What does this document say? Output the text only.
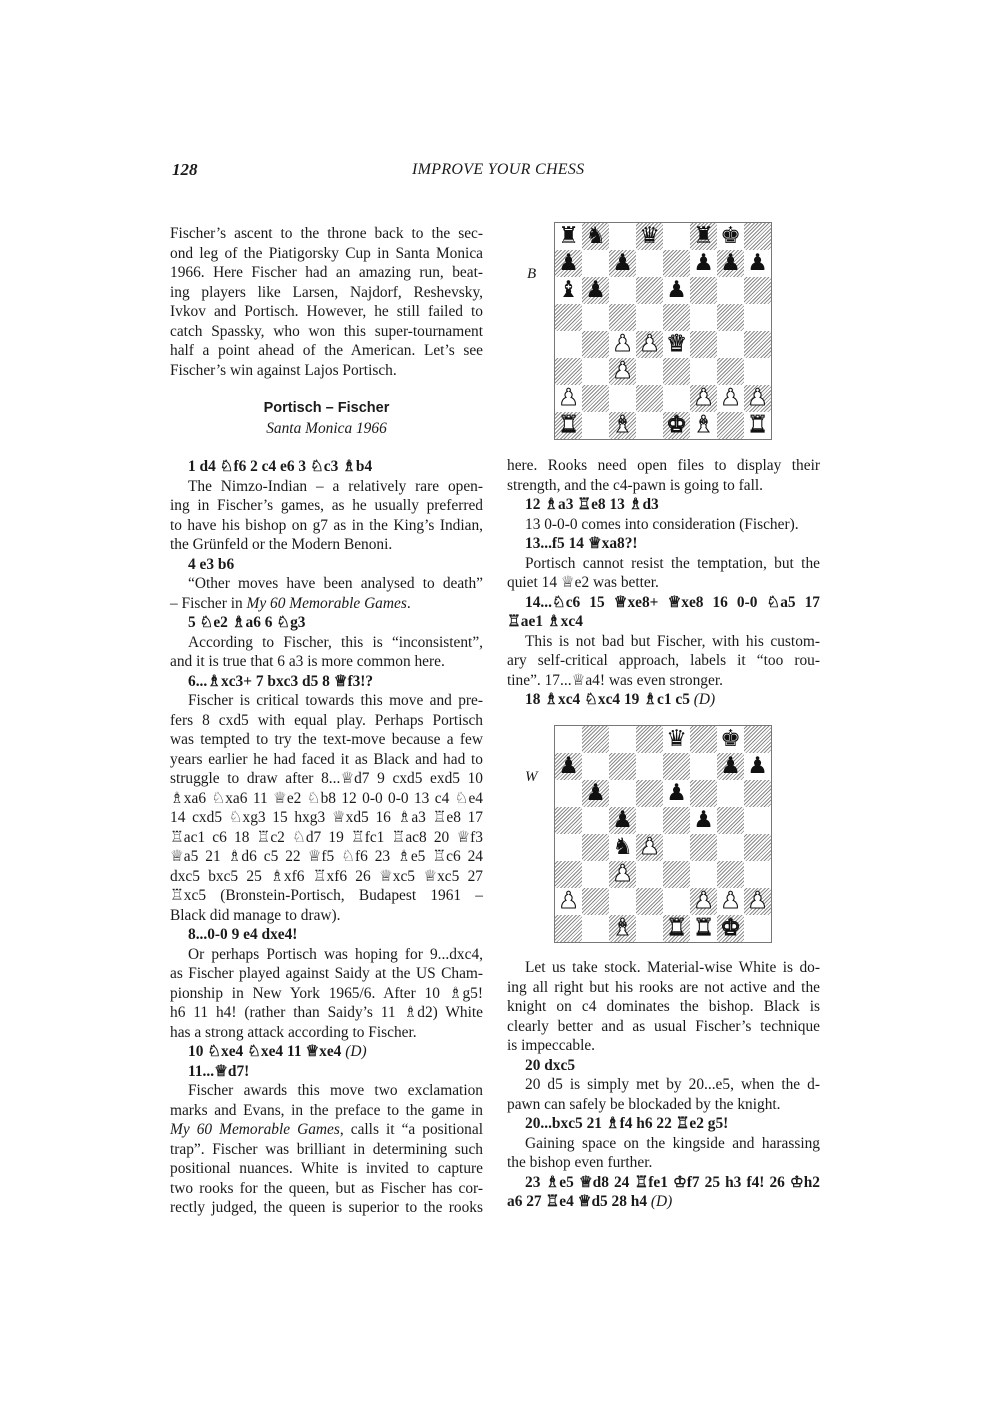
128	IMPROVE YOUR CHESS

Fischer’s ascent to the throne back to the sec-

ond leg of the Piatigorsky Cup in Santa Monica

1966. Here Fischer had an amazing run, beat-

ing players like Larsen, Najdorf, Reshevsky,

Ivkov and Portisch. However, he still failed to

catch Spassky, who won this super-tournament

half a point ahead of the American. Let’s see

Fischer’s win against Lajos Portisch.

Portisch – Fischer

Santa Monica 1966

1 d4 ♘f6 2 c4 e6 3 ♘c3 ♗b4

The Nimzo-Indian – a relatively rare open-

ing in Fischer’s games, as he usually preferred

to have his bishop on g7 as in the King’s Indian,

the Grünfeld or the Modern Benoni.

4 e3 b6

“Other moves have been analysed to death”

– Fischer in My 60 Memorable Games.

5 ♘e2 ♗a6 6 ♘g3

According to Fischer, this is “inconsistent”,

and it is true that 6 a3 is more common here.

6...♗xc3+ 7 bxc3 d5 8 ♕f3!?

Fischer is critical towards this move and pre-

fers 8 cxd5 with equal play. Perhaps Portisch

was tempted to try the text-move because a few

years earlier he had faced it as Black and had to

struggle to draw after 8...♕d7 9 cxd5 exd5 10

♗xa6 ♘xa6 11 ♕e2 ♘b8 12 0-0 0-0 13 c4 ♘e4

14 cxd5 ♘xg3 15 hxg3 ♕xd5 16 ♗a3 ♖e8 17

♖ac1 c6 18 ♖c2 ♘d7 19 ♖fc1 ♖ac8 20 ♕f3

♕a5 21 ♗d6 c5 22 ♕f5 ♘f6 23 ♗e5 ♖c6 24

dxc5 bxc5 25 ♗xf6 ♖xf6 26 ♕xc5 ♕xc5 27

♖xc5 (Bronstein-Portisch, Budapest 1961 –

Black did manage to draw).

8...0-0 9 e4 dxe4!

Or perhaps Portisch was hoping for 9...dxc4,

as Fischer played against Saidy at the US Cham-

pionship in New York 1965/6. After 10 ♗g5!

h6 11 h4! (rather than Saidy’s 11 ♗d2) White

has a strong attack according to Fischer.

10 ♘xe4 ♘xe4 11 ♕xe4 (D)

11...♕d7!

Fischer awards this move two exclamation

marks and Evans, in the preface to the game in

My 60 Memorable Games, calls it “a positional

trap”. Fischer was brilliant in determining such

positional nuances. White is invited to capture

two rooks for the queen, but as Fischer has cor-

rectly judged, the queen is superior to the rooks

B
♜ ♞ ♛ ♜ ♚
♟ ♟	♟ ♟ ♟
♝ ♟	♟
♟ ♟ ♛
♟
♟	♟ ♟ ♟
♜ ♝ ♚ ♝ ♜
W
♛ ♚
♟	♟ ♟
♟	♟
♟	♟
♞ ♟
♟
♟	♟ ♟ ♟
♝ ♜ ♜ ♚

here. Rooks need open files to display their

strength, and the c4-pawn is going to fall.

12 ♗a3 ♖e8 13 ♗d3

13 0-0-0 comes into consideration (Fischer).

13...f5 14 ♕xa8?!

Portisch cannot resist the temptation, but the

quiet 14 ♕e2 was better.

14...♘c6 15 ♕xe8+ ♕xe8 16 0-0 ♘a5 17

♖ae1 ♗xc4

This is not bad but Fischer, with his custom-

ary self-critical approach, labels it “too rou-

tine”. 17...♕a4! was even stronger.

18 ♗xc4 ♘xc4 19 ♗c1 c5 (D)

Let us take stock. Material-wise White is do-

ing all right but his rooks are not active and the

knight on c4 dominates the bishop. Black is

clearly better and as usual Fischer’s technique

is impeccable.

20 dxc5

20 d5 is simply met by 20...e5, when the d-

pawn can safely be blockaded by the knight.

20...bxc5 21 ♗f4 h6 22 ♖e2 g5!

Gaining space on the kingside and harassing

the bishop even further.

23 ♗e5 ♕d8 24 ♖fe1 ♔f7 25 h3 f4! 26 ♔h2

a6 27 ♖e4 ♕d5 28 h4 (D)
